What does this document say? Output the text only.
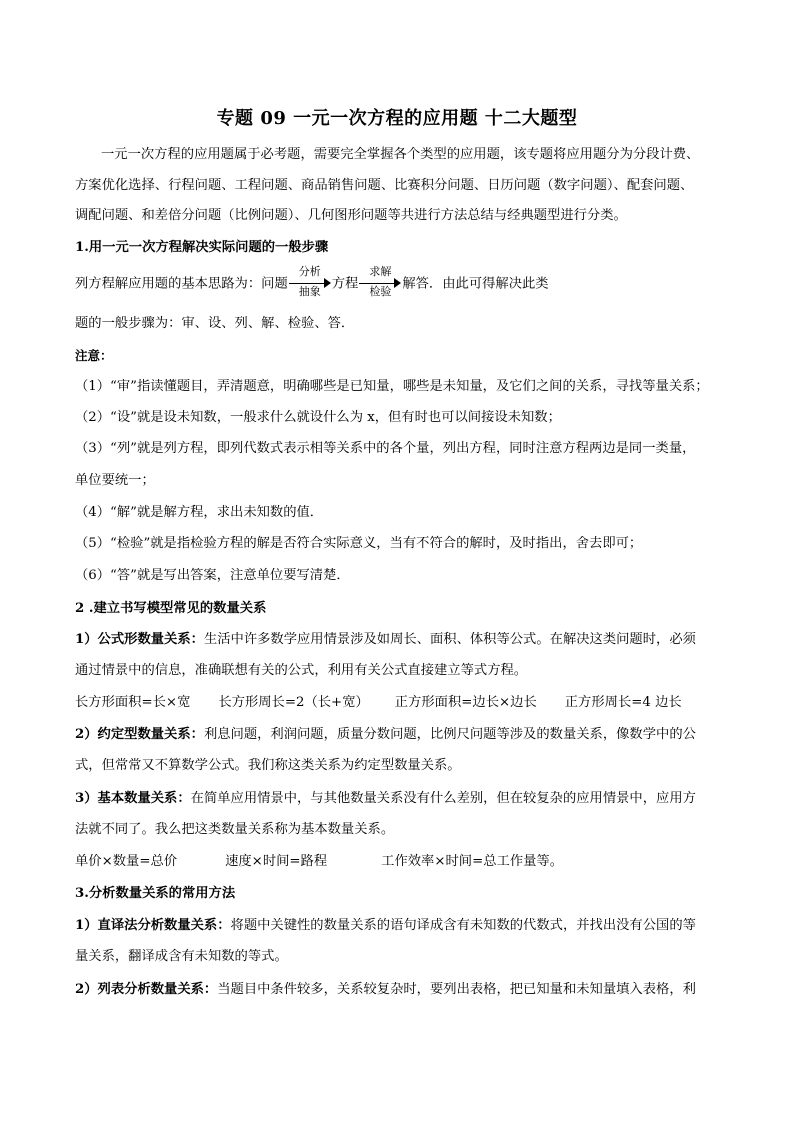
专题 09 一元一次方程的应用题 十二大题型
一元一次方程的应用题属于必考题，需要完全掌握各个类型的应用题，该专题将应用题分为分段计费、
方案优化选择、行程问题、工程问题、商品销售问题、比赛积分问题、日历问题（数字问题）、配套问题、
调配问题、和差倍分问题（比例问题）、几何图形问题等共进行方法总结与经典题型进行分类。
1.用一元一次方程解决实际问题的一般步骤
列方程解应用题的基本思路为：问题
分析
抽象 方程
求解
检验 解答．由此可得解决此类
题的一般步骤为：审、设、列、解、检验、答．
注意：
（1）“审”指读懂题目，弄清题意，明确哪些是已知量，哪些是未知量，及它们之间的关系，寻找等量关系；
（2）“设”就是设未知数，一般求什么就设什么为 x，但有时也可以间接设未知数；
（3）“列”就是列方程，即列代数式表示相等关系中的各个量，列出方程，同时注意方程两边是同一类量，
单位要统一；
（4）“解”就是解方程，求出未知数的值．
（5）“检验”就是指检验方程的解是否符合实际意义，当有不符合的解时，及时指出，舍去即可；
（6）“答”就是写出答案，注意单位要写清楚．
2 .建立书写模型常见的数量关系
1）公式形数量关系：生活中许多数学应用情景涉及如周长、面积、体积等公式。在解决这类问题时，必须
通过情景中的信息，准确联想有关的公式，利用有关公式直接建立等式方程。
长方形面积=长×宽 长方形周长=2（长+宽） 正方形面积=边长×边长 正方形周长=4 边长
2）约定型数量关系：利息问题，利润问题，质量分数问题，比例尺问题等涉及的数量关系，像数学中的公
式，但常常又不算数学公式。我们称这类关系为约定型数量关系。
3）基本数量关系：在简单应用情景中，与其他数量关系没有什么差别，但在较复杂的应用情景中，应用方
法就不同了。我么把这类数量关系称为基本数量关系。
单价×数量=总价	速度×时间=路程	工作效率×时间=总工作量等。
3.分析数量关系的常用方法
1）直译法分析数量关系：将题中关键性的数量关系的语句译成含有未知数的代数式，并找出没有公国的等
量关系，翻译成含有未知数的等式。
2）列表分析数量关系：当题目中条件较多，关系较复杂时，要列出表格，把已知量和未知量填入表格，利
